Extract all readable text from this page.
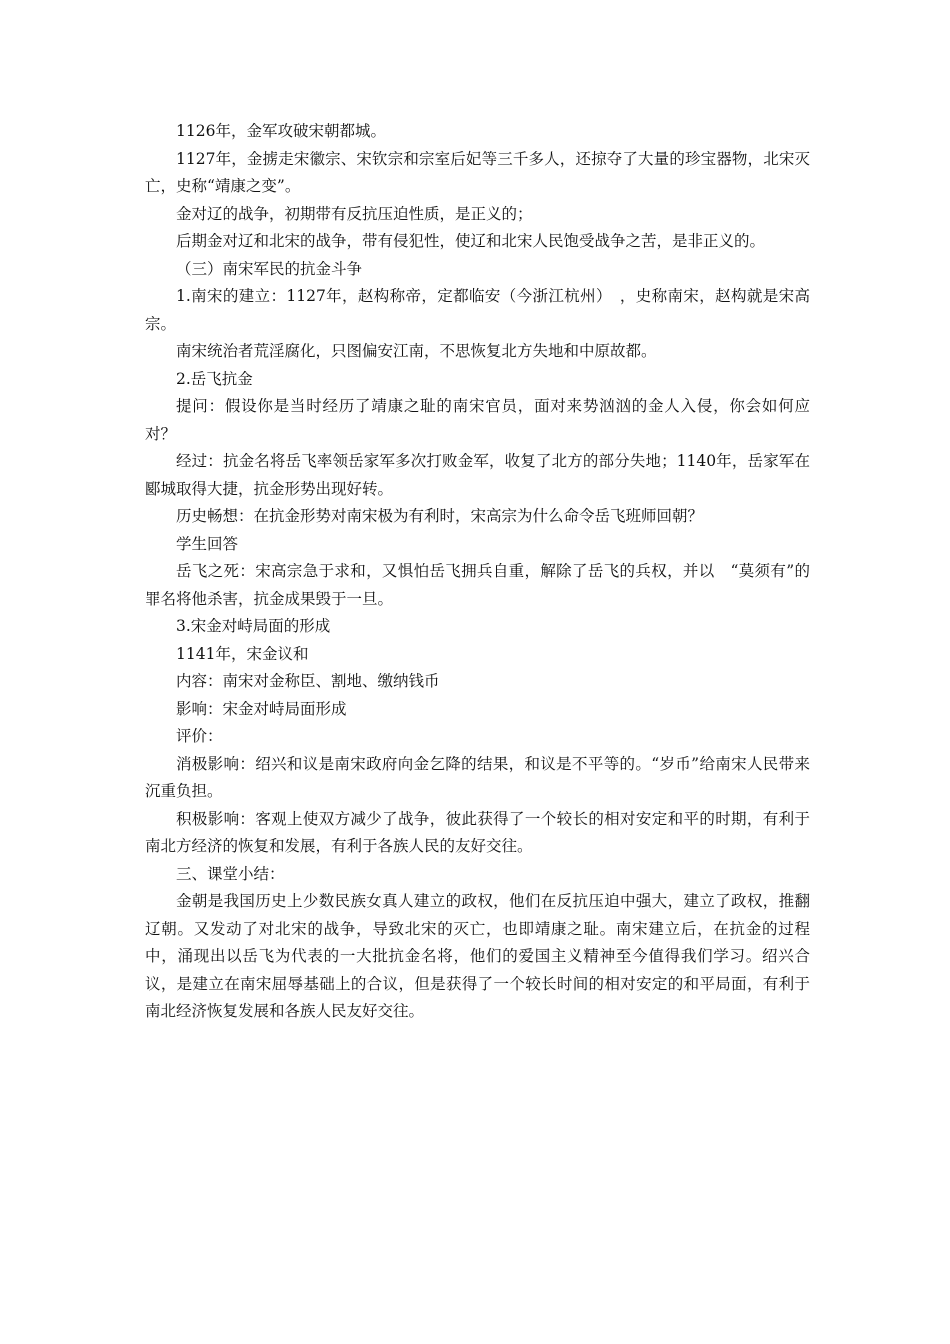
1126年，金军攻破宋朝都城。

1127年，金掳走宋徽宗、宋钦宗和宗室后妃等三千多人，还掠夺了大量的珍宝器物，北宋灭亡，史称“靖康之变”。

金对辽的战争，初期带有反抗压迫性质，是正义的；

后期金对辽和北宋的战争，带有侵犯性，使辽和北宋人民饱受战争之苦，是非正义的。

（三）南宋军民的抗金斗争

1.南宋的建立：1127年，赵构称帝，定都临安（今浙江杭州）　，史称南宋，赵构就是宋高宗。

南宋统治者荒淫腐化，只图偏安江南，不思恢复北方失地和中原故都。

2.岳飞抗金

提问：假设你是当时经历了靖康之耻的南宋官员，面对来势汹汹的金人入侵，你会如何应对？

经过：抗金名将岳飞率领岳家军多次打败金军，收复了北方的部分失地；1140年，岳家军在郾城取得大捷，抗金形势出现好转。

历史畅想：在抗金形势对南宋极为有利时，宋高宗为什么命令岳飞班师回朝？

学生回答

岳飞之死：宋高宗急于求和，又惧怕岳飞拥兵自重，解除了岳飞的兵权，并以　“莫须有”的罪名将他杀害，抗金成果毁于一旦。

3.宋金对峙局面的形成

1141年，宋金议和

内容：南宋对金称臣、割地、缴纳钱币

影响：宋金对峙局面形成

评价：

消极影响：绍兴和议是南宋政府向金乞降的结果，和议是不平等的。“岁币”给南宋人民带来沉重负担。

积极影响：客观上使双方减少了战争，彼此获得了一个较长的相对安定和平的时期，有利于南北方经济的恢复和发展，有利于各族人民的友好交往。

三、课堂小结：

金朝是我国历史上少数民族女真人建立的政权，他们在反抗压迫中强大，建立了政权，推翻辽朝。又发动了对北宋的战争，导致北宋的灭亡，也即靖康之耻。南宋建立后，在抗金的过程中，涌现出以岳飞为代表的一大批抗金名将，他们的爱国主义精神至今值得我们学习。绍兴合议，是建立在南宋屈辱基础上的合议，但是获得了一个较长时间的相对安定的和平局面，有利于南北经济恢复发展和各族人民友好交往。
